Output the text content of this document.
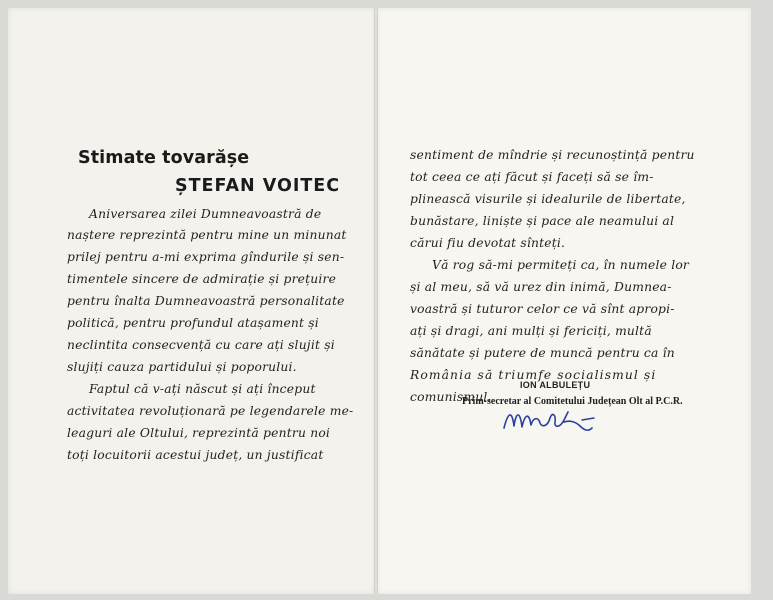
Stimate tovarășe
ȘTEFAN VOITEC
Aniversarea zilei Dumneavoastră de
naștere reprezintă pentru mine un minunat
prilej pentru a-mi exprima gîndurile și sen-
timentele sincere de admirație și prețuire
pentru înalta Dumneavoastră personalitate
politică, pentru profundul atașament și
neclintita consecvență cu care ați slujit și
slujiți cauza partidului și poporului.
Faptul că v-ați născut și ați început
activitatea revoluționară pe legendarele me-
leaguri ale Oltului, reprezintă pentru noi
toți locuitorii acestui județ, un justificat
sentiment de mîndrie și recunoștință pentru
tot ceea ce ați făcut și faceți să se îm-
plinească visurile și idealurile de libertate,
bunăstare, liniște și pace ale neamului al
cărui fiu devotat sînteți.
Vă rog să-mi permiteți ca, în numele lor
și al meu, să vă urez din inimă, Dumnea-
voastră și tuturor celor ce vă sînt apropi-
ați și dragi, ani mulți și fericiți, multă
sănătate și putere de muncă pentru ca în
România să triumfe socialismul și
comunismul.
ION ALBULEȚU
Prim-secretar al Comitetului Județean Olt al P.C.R.
